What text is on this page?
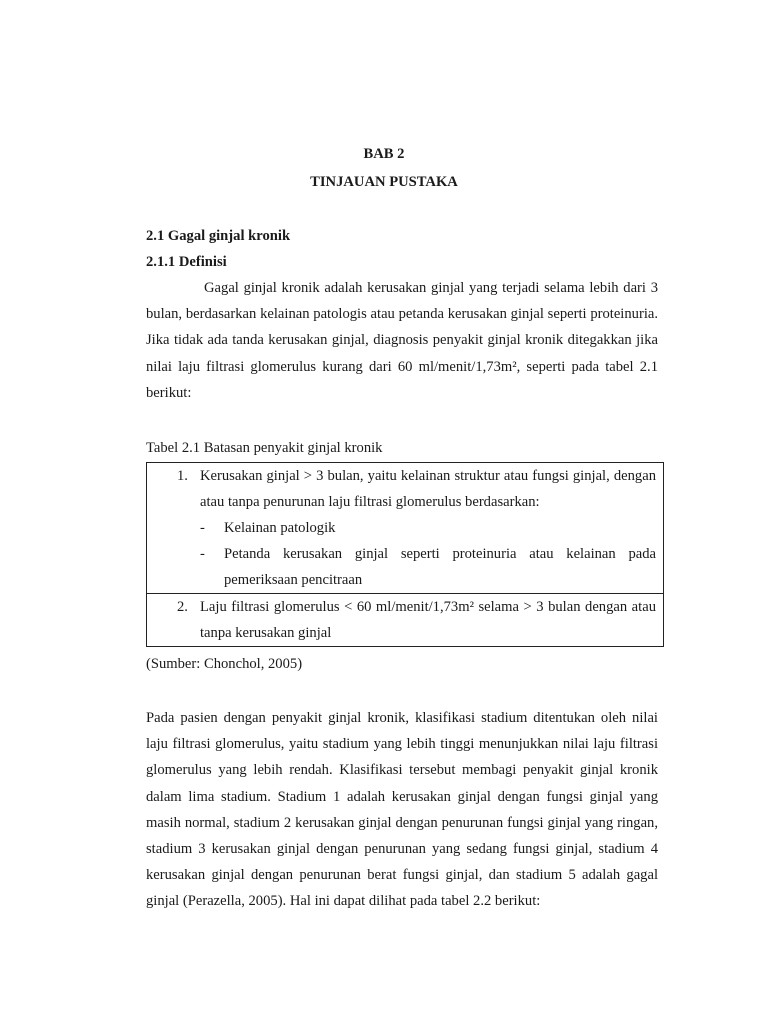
BAB 2
TINJAUAN PUSTAKA
2.1 Gagal ginjal kronik
2.1.1 Definisi

Gagal ginjal kronik adalah kerusakan ginjal yang terjadi selama lebih dari 3 bulan, berdasarkan kelainan patologis atau petanda kerusakan ginjal seperti proteinuria. Jika tidak ada tanda kerusakan ginjal, diagnosis penyakit ginjal kronik ditegakkan jika nilai laju filtrasi glomerulus kurang dari 60 ml/menit/1,73m², seperti pada tabel 2.1 berikut:

Tabel 2.1 Batasan penyakit ginjal kronik
1. Kerusakan ginjal > 3 bulan, yaitu kelainan struktur atau fungsi ginjal, dengan atau tanpa penurunan laju filtrasi glomerulus berdasarkan:
- Kelainan patologik
- Petanda kerusakan ginjal seperti proteinuria atau kelainan pada pemeriksaan pencitraan
2. Laju filtrasi glomerulus < 60 ml/menit/1,73m² selama > 3 bulan dengan atau tanpa kerusakan ginjal
(Sumber: Chonchol, 2005)

Pada pasien dengan penyakit ginjal kronik, klasifikasi stadium ditentukan oleh nilai laju filtrasi glomerulus, yaitu stadium yang lebih tinggi menunjukkan nilai laju filtrasi glomerulus yang lebih rendah. Klasifikasi tersebut membagi penyakit ginjal kronik dalam lima stadium. Stadium 1 adalah kerusakan ginjal dengan fungsi ginjal yang masih normal, stadium 2 kerusakan ginjal dengan penurunan fungsi ginjal yang ringan, stadium 3 kerusakan ginjal dengan penurunan yang sedang fungsi ginjal, stadium 4 kerusakan ginjal dengan penurunan berat fungsi ginjal, dan stadium 5 adalah gagal ginjal (Perazella, 2005). Hal ini dapat dilihat pada tabel 2.2 berikut:
